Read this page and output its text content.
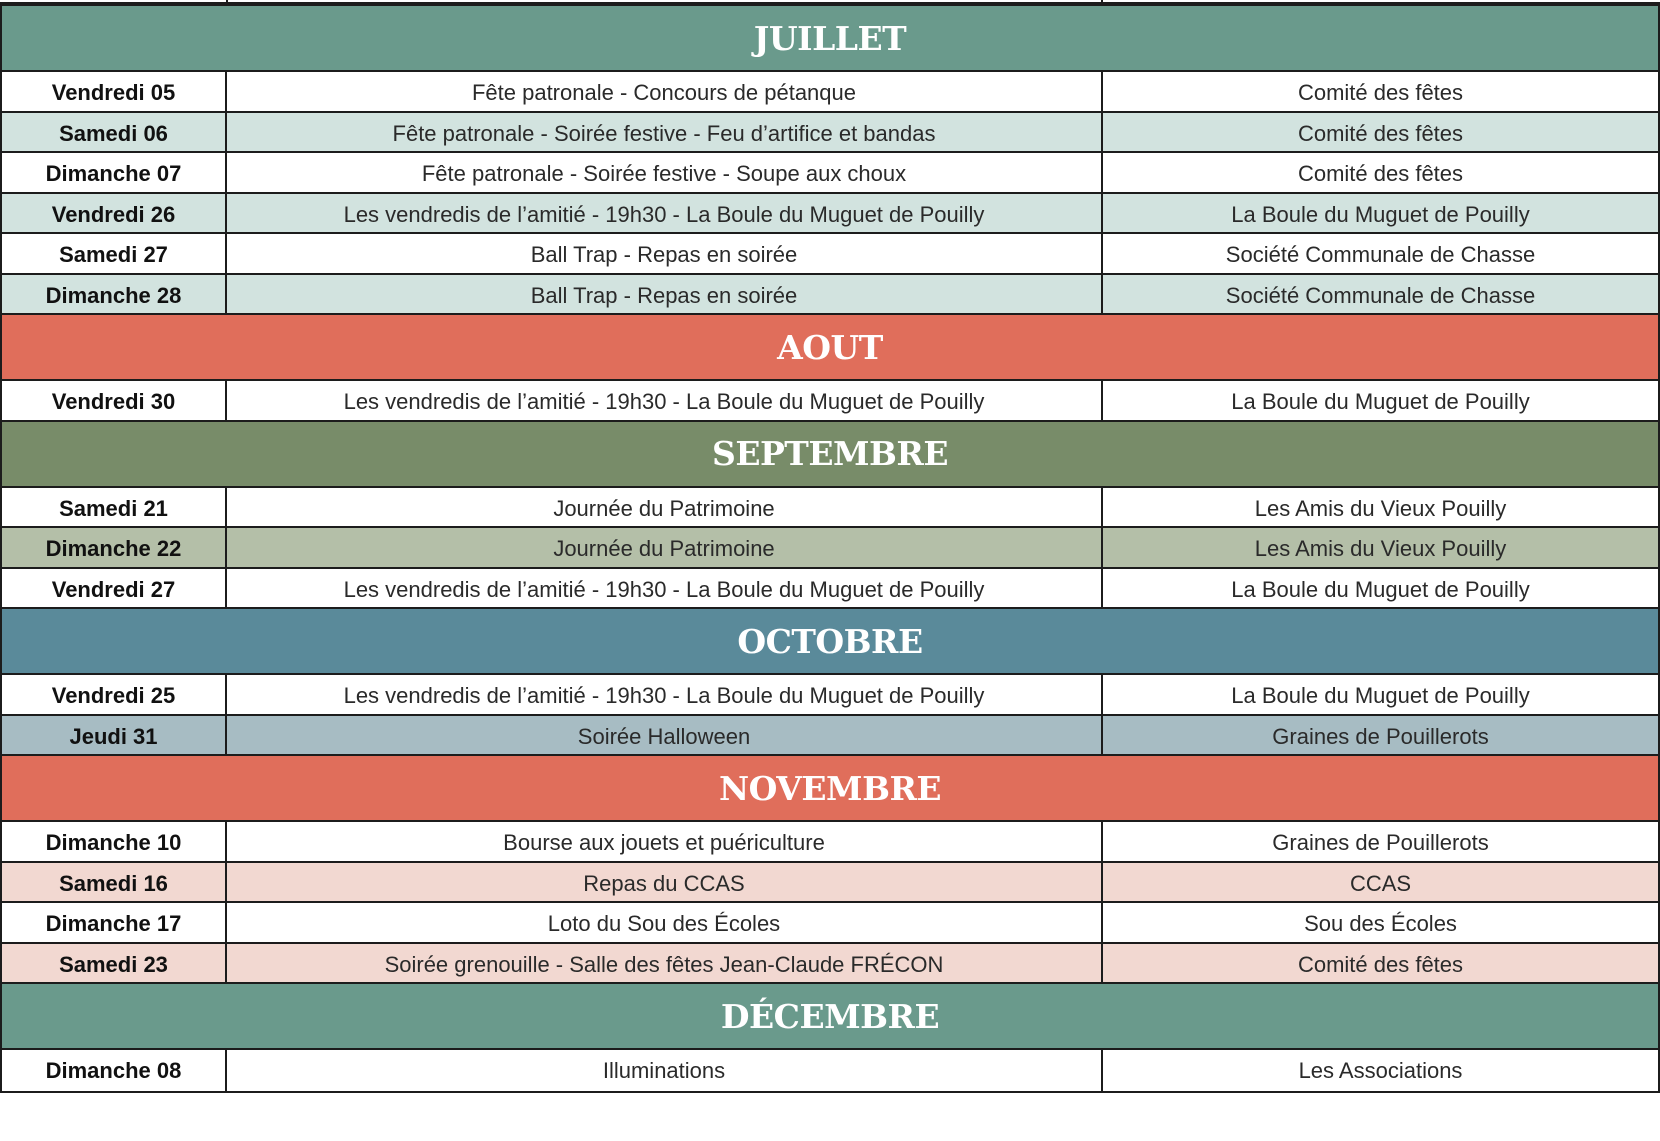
JUILLET
Vendredi 05	Fête patronale - Concours de pétanque	Comité des fêtes
Samedi 06	Fête patronale - Soirée festive - Feu d’artifice et bandas	Comité des fêtes
Dimanche 07	Fête patronale - Soirée festive - Soupe aux choux	Comité des fêtes
Vendredi 26	Les vendredis de l’amitié - 19h30 - La Boule du Muguet de Pouilly	La Boule du Muguet de Pouilly
Samedi 27	Ball Trap - Repas en soirée	Société Communale de Chasse
Dimanche 28	Ball Trap - Repas en soirée	Société Communale de Chasse
AOUT
Vendredi 30	Les vendredis de l’amitié - 19h30 - La Boule du Muguet de Pouilly	La Boule du Muguet de Pouilly
SEPTEMBRE
Samedi 21	Journée du Patrimoine	Les Amis du Vieux Pouilly
Dimanche 22	Journée du Patrimoine	Les Amis du Vieux Pouilly
Vendredi 27	Les vendredis de l’amitié - 19h30 - La Boule du Muguet de Pouilly	La Boule du Muguet de Pouilly
OCTOBRE
Vendredi 25	Les vendredis de l’amitié - 19h30 - La Boule du Muguet de Pouilly	La Boule du Muguet de Pouilly
Jeudi 31	Soirée Halloween	Graines de Pouillerots
NOVEMBRE
Dimanche 10	Bourse aux jouets et puériculture	Graines de Pouillerots
Samedi 16	Repas du CCAS	CCAS
Dimanche 17	Loto du Sou des Écoles	Sou des Écoles
Samedi 23	Soirée grenouille - Salle des fêtes Jean-Claude FRÉCON	Comité des fêtes
DÉCEMBRE
Dimanche 08	Illuminations	Les Associations
